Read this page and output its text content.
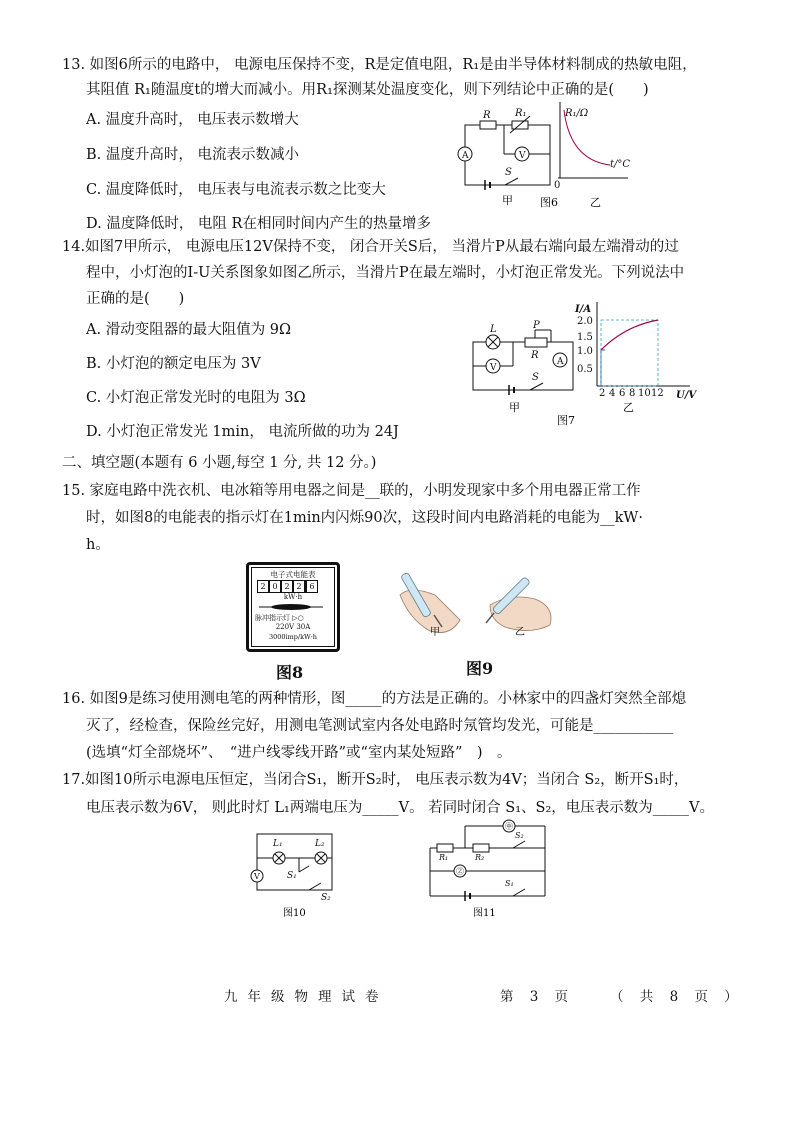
13. 如图6所示的电路中， 电源电压保持不变，R是定值电阻，R₁是由半导体材料制成的热敏电阻，
其阻值 R₁随温度t的增大而减小。用R₁探测某处温度变化，则下列结论中正确的是(　　)
A. 温度升高时， 电压表示数增大
B. 温度升高时， 电流表示数减小
C. 温度降低时， 电压表与电流表示数之比变大
D. 温度降低时， 电阻 R在相同时间内产生的热量增多
R R₁
A	V
S
R₁/Ω
t/°C
0
甲 图6	乙
14.如图7甲所示， 电源电压12V保持不变， 闭合开关S后， 当滑片P从最右端向最左端滑动的过
程中，小灯泡的I-U关系图象如图乙所示，当滑片P在最左端时，小灯泡正常发光。下列说法中
正确的是(　　)
A. 滑动变阻器的最大阻值为 9Ω
B. 小灯泡的额定电压为 3V
C. 小灯泡正常发光时的电阻为 3Ω
D. 小灯泡正常发光 1min， 电流所做的功为 24J
L	P
R
V
A
S
I/A
U/V
0.5
1.0
1.5
2.0
2 4 6 8 10 12
甲	乙
图7
二、填空题(本题有 6 小题,每空 1 分, 共 12 分。)
15. 家庭电路中洗衣机、电冰箱等用电器之间是__联的，小明发现家中多个用电器正常工作
时，如图8的电能表的指示灯在1min内闪烁90次，这段时间内电路消耗的电能为__kW·
h。
电子式电能表
2 0 2 2 6
kW·h
脉冲指示灯 ▷○
220V 30A
3000imp/kW·h
图8
甲	乙
图9
16. 如图9是练习使用测电笔的两种情形，图_____的方法是正确的。小林家中的四盏灯突然全部熄
灭了，经检查，保险丝完好，用测电笔测试室内各处电路时氖管均发光，可能是___________
(选填“灯全部烧坏”、　“进户线零线开路”或“室内某处短路”　)　。
17.如图10所示电源电压恒定，当闭合S₁，断开S₂时， 电压表示数为4V；当闭合 S₂，断开S₁时，
电压表示数为6V， 则此时灯 L₁两端电压为_____V。 若同时闭合 S₁、S₂，电压表示数为_____V。
L₁	L₂
V	S₁
S₂
图10
㊥
R₁	R₂
Ⓩ
S₂
S₁
图11
九年级物理试卷	第 3 页	（ 共 8 页 ）
